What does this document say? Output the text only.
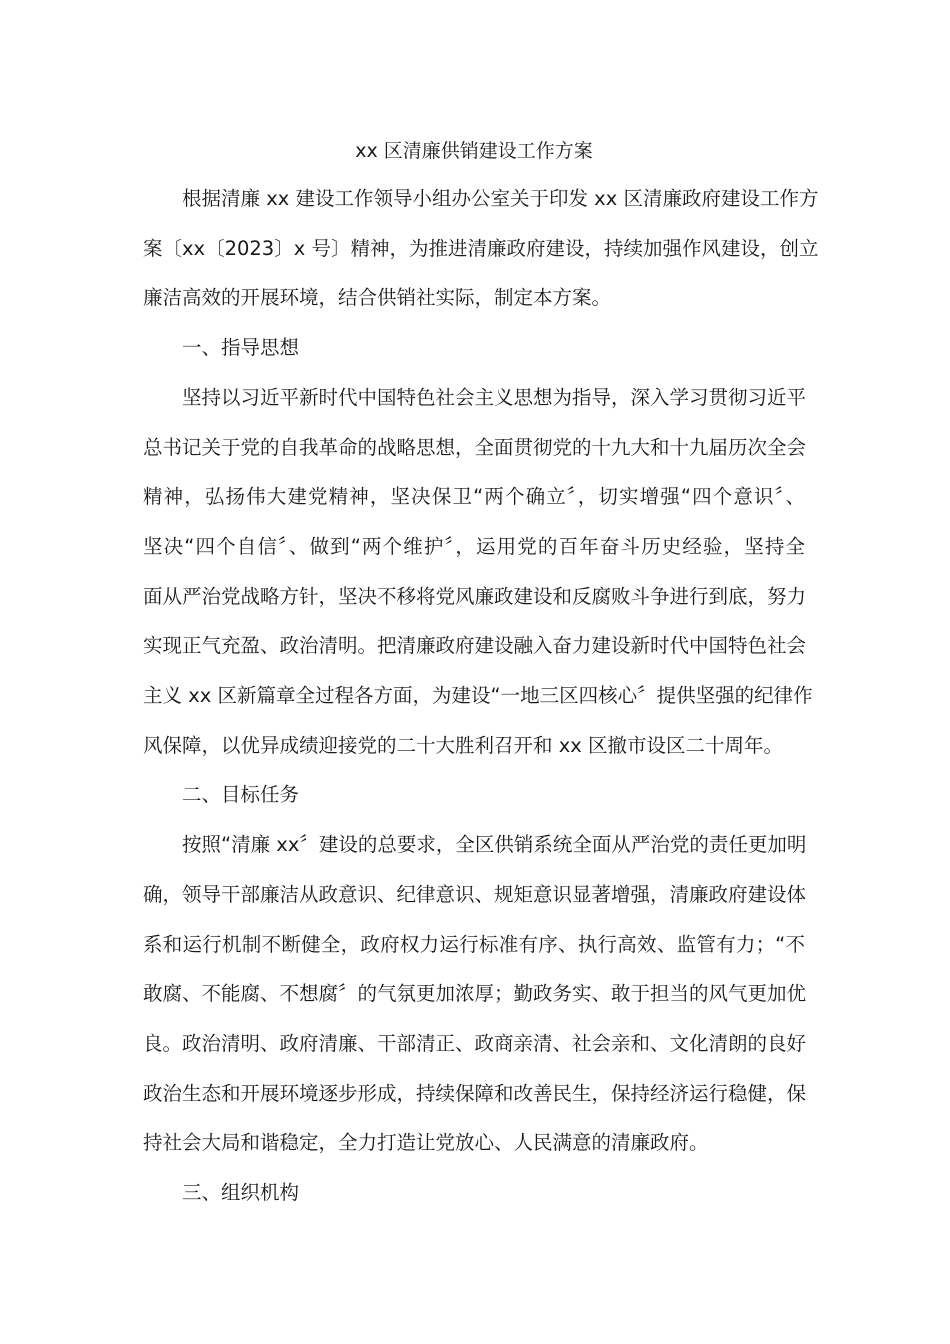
xx 区清廉供销建设工作方案

根据清廉 xx 建设工作领导小组办公室关于印发 xx 区清廉政府建设工作方
案〔xx〔2023〕x 号〕精神，为推进清廉政府建设，持续加强作风建设，创立
廉洁高效的开展环境，结合供销社实际，制定本方案。

一、指导思想

坚持以习近平新时代中国特色社会主义思想为指导，深入学习贯彻习近平
总书记关于党的自我革命的战略思想，全面贯彻党的十九大和十九届历次全会
精神，弘扬伟大建党精神，坚决保卫“两个确立〞，切实增强“四个意识〞、
坚决“四个自信〞、做到“两个维护〞，运用党的百年奋斗历史经验，坚持全
面从严治党战略方针，坚决不移将党风廉政建设和反腐败斗争进行到底，努力
实现正气充盈、政治清明。把清廉政府建设融入奋力建设新时代中国特色社会
主义 xx 区新篇章全过程各方面，为建设“一地三区四核心〞提供坚强的纪律作
风保障，以优异成绩迎接党的二十大胜利召开和 xx 区撤市设区二十周年。

二、目标任务

按照“清廉 xx〞建设的总要求，全区供销系统全面从严治党的责任更加明
确，领导干部廉洁从政意识、纪律意识、规矩意识显著增强，清廉政府建设体
系和运行机制不断健全，政府权力运行标准有序、执行高效、监管有力；“不
敢腐、不能腐、不想腐〞的气氛更加浓厚；勤政务实、敢于担当的风气更加优
良。政治清明、政府清廉、干部清正、政商亲清、社会亲和、文化清朗的良好
政治生态和开展环境逐步形成，持续保障和改善民生，保持经济运行稳健，保
持社会大局和谐稳定，全力打造让党放心、人民满意的清廉政府。

三、组织机构
